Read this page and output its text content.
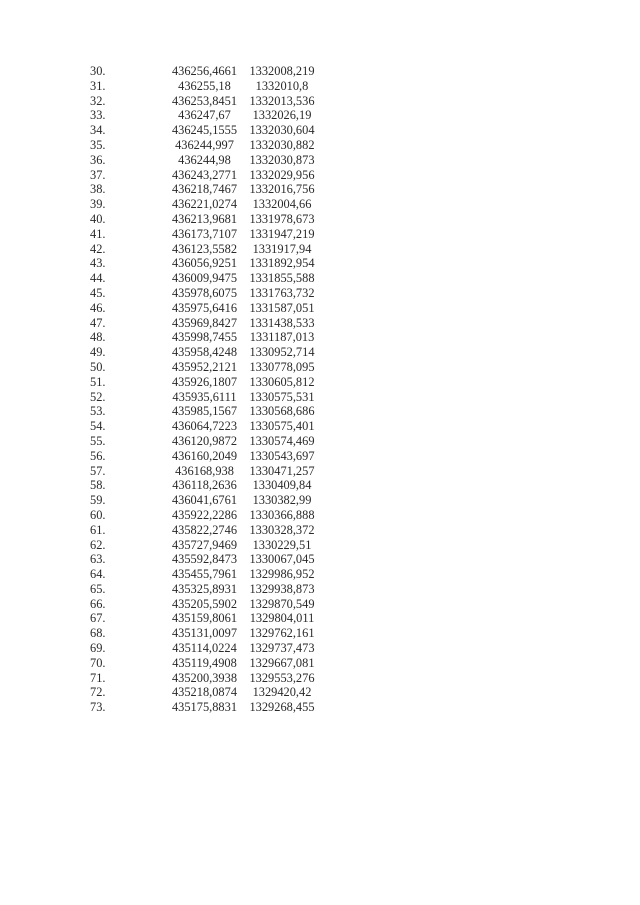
30.	436256,4661	1332008,219
31.	436255,18	1332010,8
32.	436253,8451	1332013,536
33.	436247,67	1332026,19
34.	436245,1555	1332030,604
35.	436244,997	1332030,882
36.	436244,98	1332030,873
37.	436243,2771	1332029,956
38.	436218,7467	1332016,756
39.	436221,0274	1332004,66
40.	436213,9681	1331978,673
41.	436173,7107	1331947,219
42.	436123,5582	1331917,94
43.	436056,9251	1331892,954
44.	436009,9475	1331855,588
45.	435978,6075	1331763,732
46.	435975,6416	1331587,051
47.	435969,8427	1331438,533
48.	435998,7455	1331187,013
49.	435958,4248	1330952,714
50.	435952,2121	1330778,095
51.	435926,1807	1330605,812
52.	435935,6111	1330575,531
53.	435985,1567	1330568,686
54.	436064,7223	1330575,401
55.	436120,9872	1330574,469
56.	436160,2049	1330543,697
57.	436168,938	1330471,257
58.	436118,2636	1330409,84
59.	436041,6761	1330382,99
60.	435922,2286	1330366,888
61.	435822,2746	1330328,372
62.	435727,9469	1330229,51
63.	435592,8473	1330067,045
64.	435455,7961	1329986,952
65.	435325,8931	1329938,873
66.	435205,5902	1329870,549
67.	435159,8061	1329804,011
68.	435131,0097	1329762,161
69.	435114,0224	1329737,473
70.	435119,4908	1329667,081
71.	435200,3938	1329553,276
72.	435218,0874	1329420,42
73.	435175,8831	1329268,455
